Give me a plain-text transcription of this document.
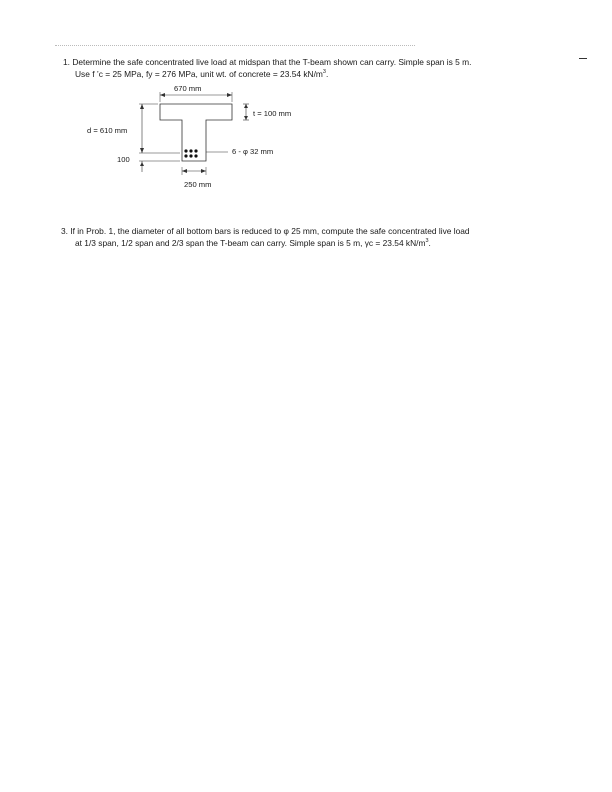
1. Determine the safe concentrated live load at midspan that the T-beam shown can carry. Simple span is 5 m.
Use f ’c = 25 MPa, fy = 276 MPa, unit wt. of concrete = 23.54 $kN/m^3$.
670 mm
t = 100 mm
d = 610 mm
6 - φ 32 mm
100
250 mm
3. If in Prob. 1, the diameter of all bottom bars is reduced to φ 25 mm, compute the safe concentrated live load
at 1/3 span, 1/2 span and 2/3 span the T-beam can carry. Simple span is 5 m, γc = 23.54 $kN/m^3$.
